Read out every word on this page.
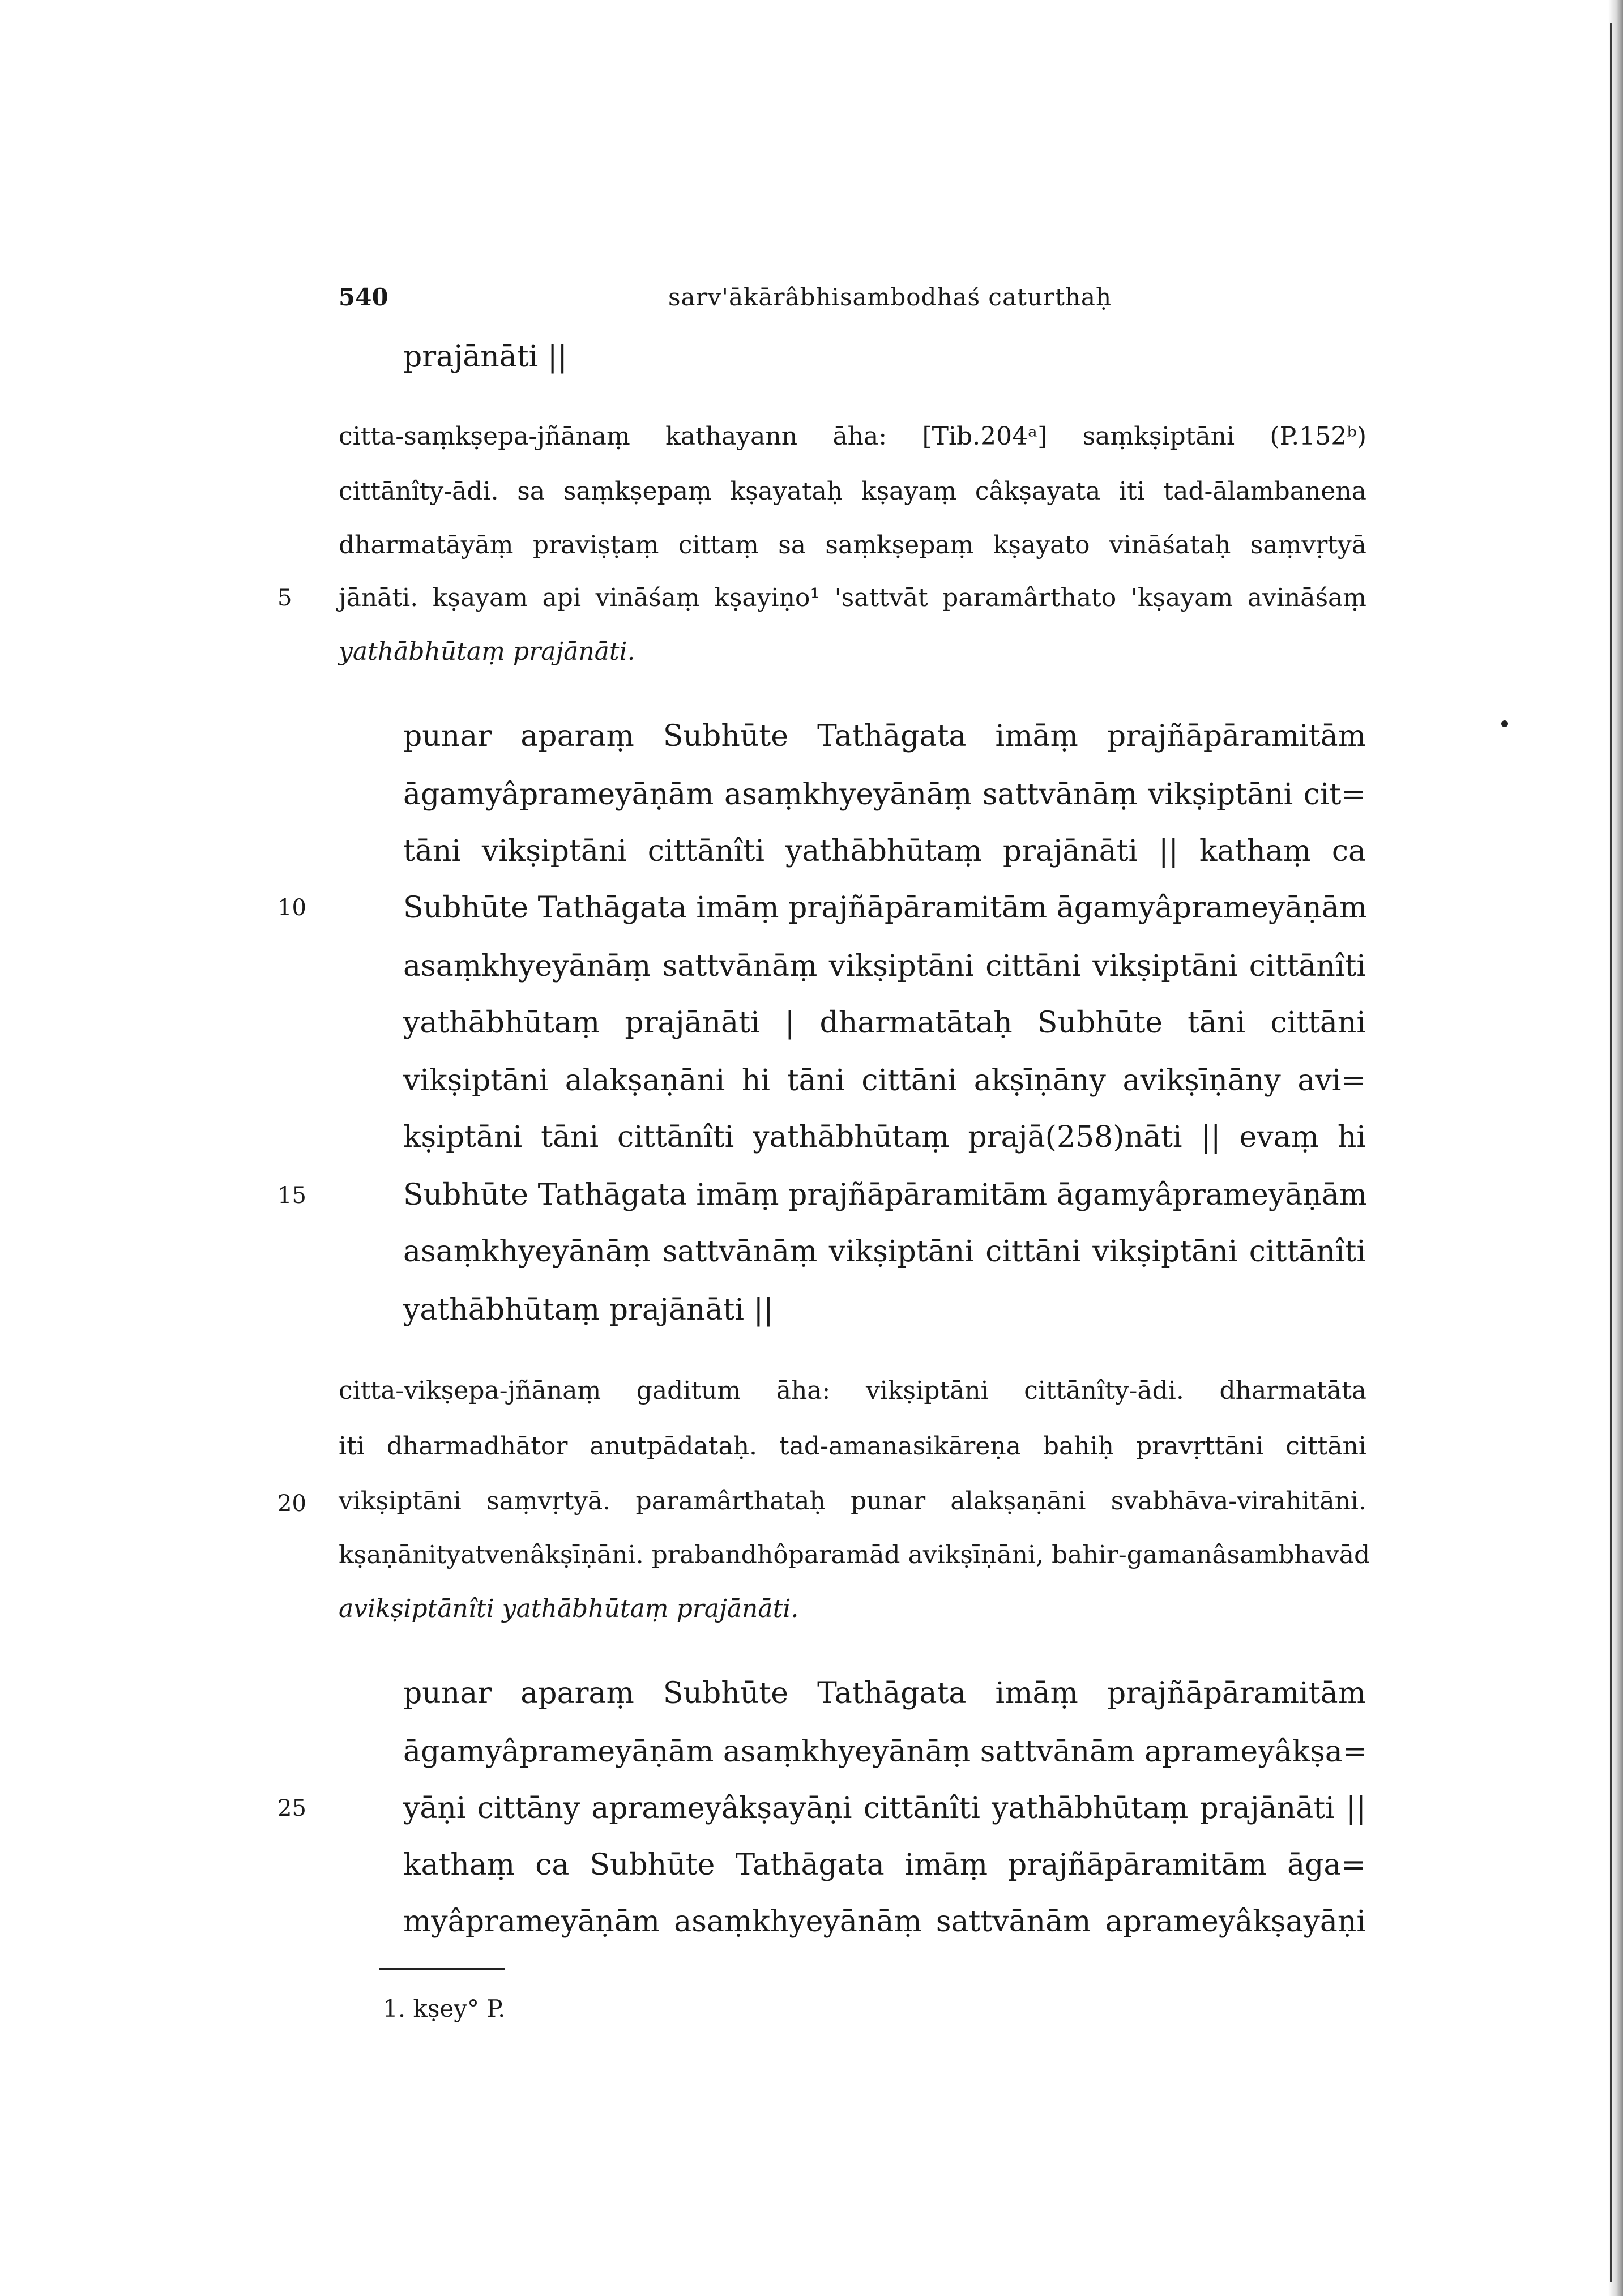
540	sarv'ākārâbhisambodhaś caturthaḥ
5
10
15
20
25
prajānāti ||
citta-saṃkṣepa-jñānaṃ kathayann āha: [Tib.204ᵃ] saṃkṣiptāni (P.152ᵇ)
cittānîty-ādi. sa saṃkṣepaṃ kṣayataḥ kṣayaṃ câkṣayata iti tad-ālambanena
dharmatāyāṃ praviṣṭaṃ cittaṃ sa saṃkṣepaṃ kṣayato vināśataḥ saṃvṛtyā
jānāti. kṣayam api vināśaṃ kṣayiṇo¹ 'sattvāt paramârthato 'kṣayam avināśaṃ
yathābhūtaṃ prajānāti.
punar aparaṃ Subhūte Tathāgata imāṃ prajñāpāramitām
āgamyâprameyāṇām asaṃkhyeyānāṃ sattvānāṃ vikṣiptāni cit=
tāni vikṣiptāni cittānîti yathābhūtaṃ prajānāti || kathaṃ ca
Subhūte Tathāgata imāṃ prajñāpāramitām āgamyâprameyāṇām
asaṃkhyeyānāṃ sattvānāṃ vikṣiptāni cittāni vikṣiptāni cittānîti
yathābhūtaṃ prajānāti | dharmatātaḥ Subhūte tāni cittāni
vikṣiptāni alakṣaṇāni hi tāni cittāni akṣīṇāny avikṣīṇāny avi=
kṣiptāni tāni cittānîti yathābhūtaṃ prajā(258)nāti || evaṃ hi
Subhūte Tathāgata imāṃ prajñāpāramitām āgamyâprameyāṇām
asaṃkhyeyānāṃ sattvānāṃ vikṣiptāni cittāni vikṣiptāni cittānîti
yathābhūtaṃ prajānāti ||
citta-vikṣepa-jñānaṃ gaditum āha: vikṣiptāni cittānîty-ādi. dharmatāta
iti dharmadhātor anutpādataḥ. tad-amanasikāreṇa bahiḥ pravṛttāni cittāni
vikṣiptāni saṃvṛtyā. paramârthataḥ punar alakṣaṇāni svabhāva-virahitāni.
kṣaṇānityatvenâkṣīṇāni. prabandhôparamād avikṣīṇāni, bahir-gamanâsambhavād
avikṣiptānîti yathābhūtaṃ prajānāti.
punar aparaṃ Subhūte Tathāgata imāṃ prajñāpāramitām
āgamyâprameyāṇām asaṃkhyeyānāṃ sattvānām aprameyâkṣa=
yāṇi cittāny aprameyâkṣayāṇi cittānîti yathābhūtaṃ prajānāti ||
kathaṃ ca Subhūte Tathāgata imāṃ prajñāpāramitām āga=
myâprameyāṇām asaṃkhyeyānāṃ sattvānām aprameyâkṣayāṇi
1. kṣey° P.
